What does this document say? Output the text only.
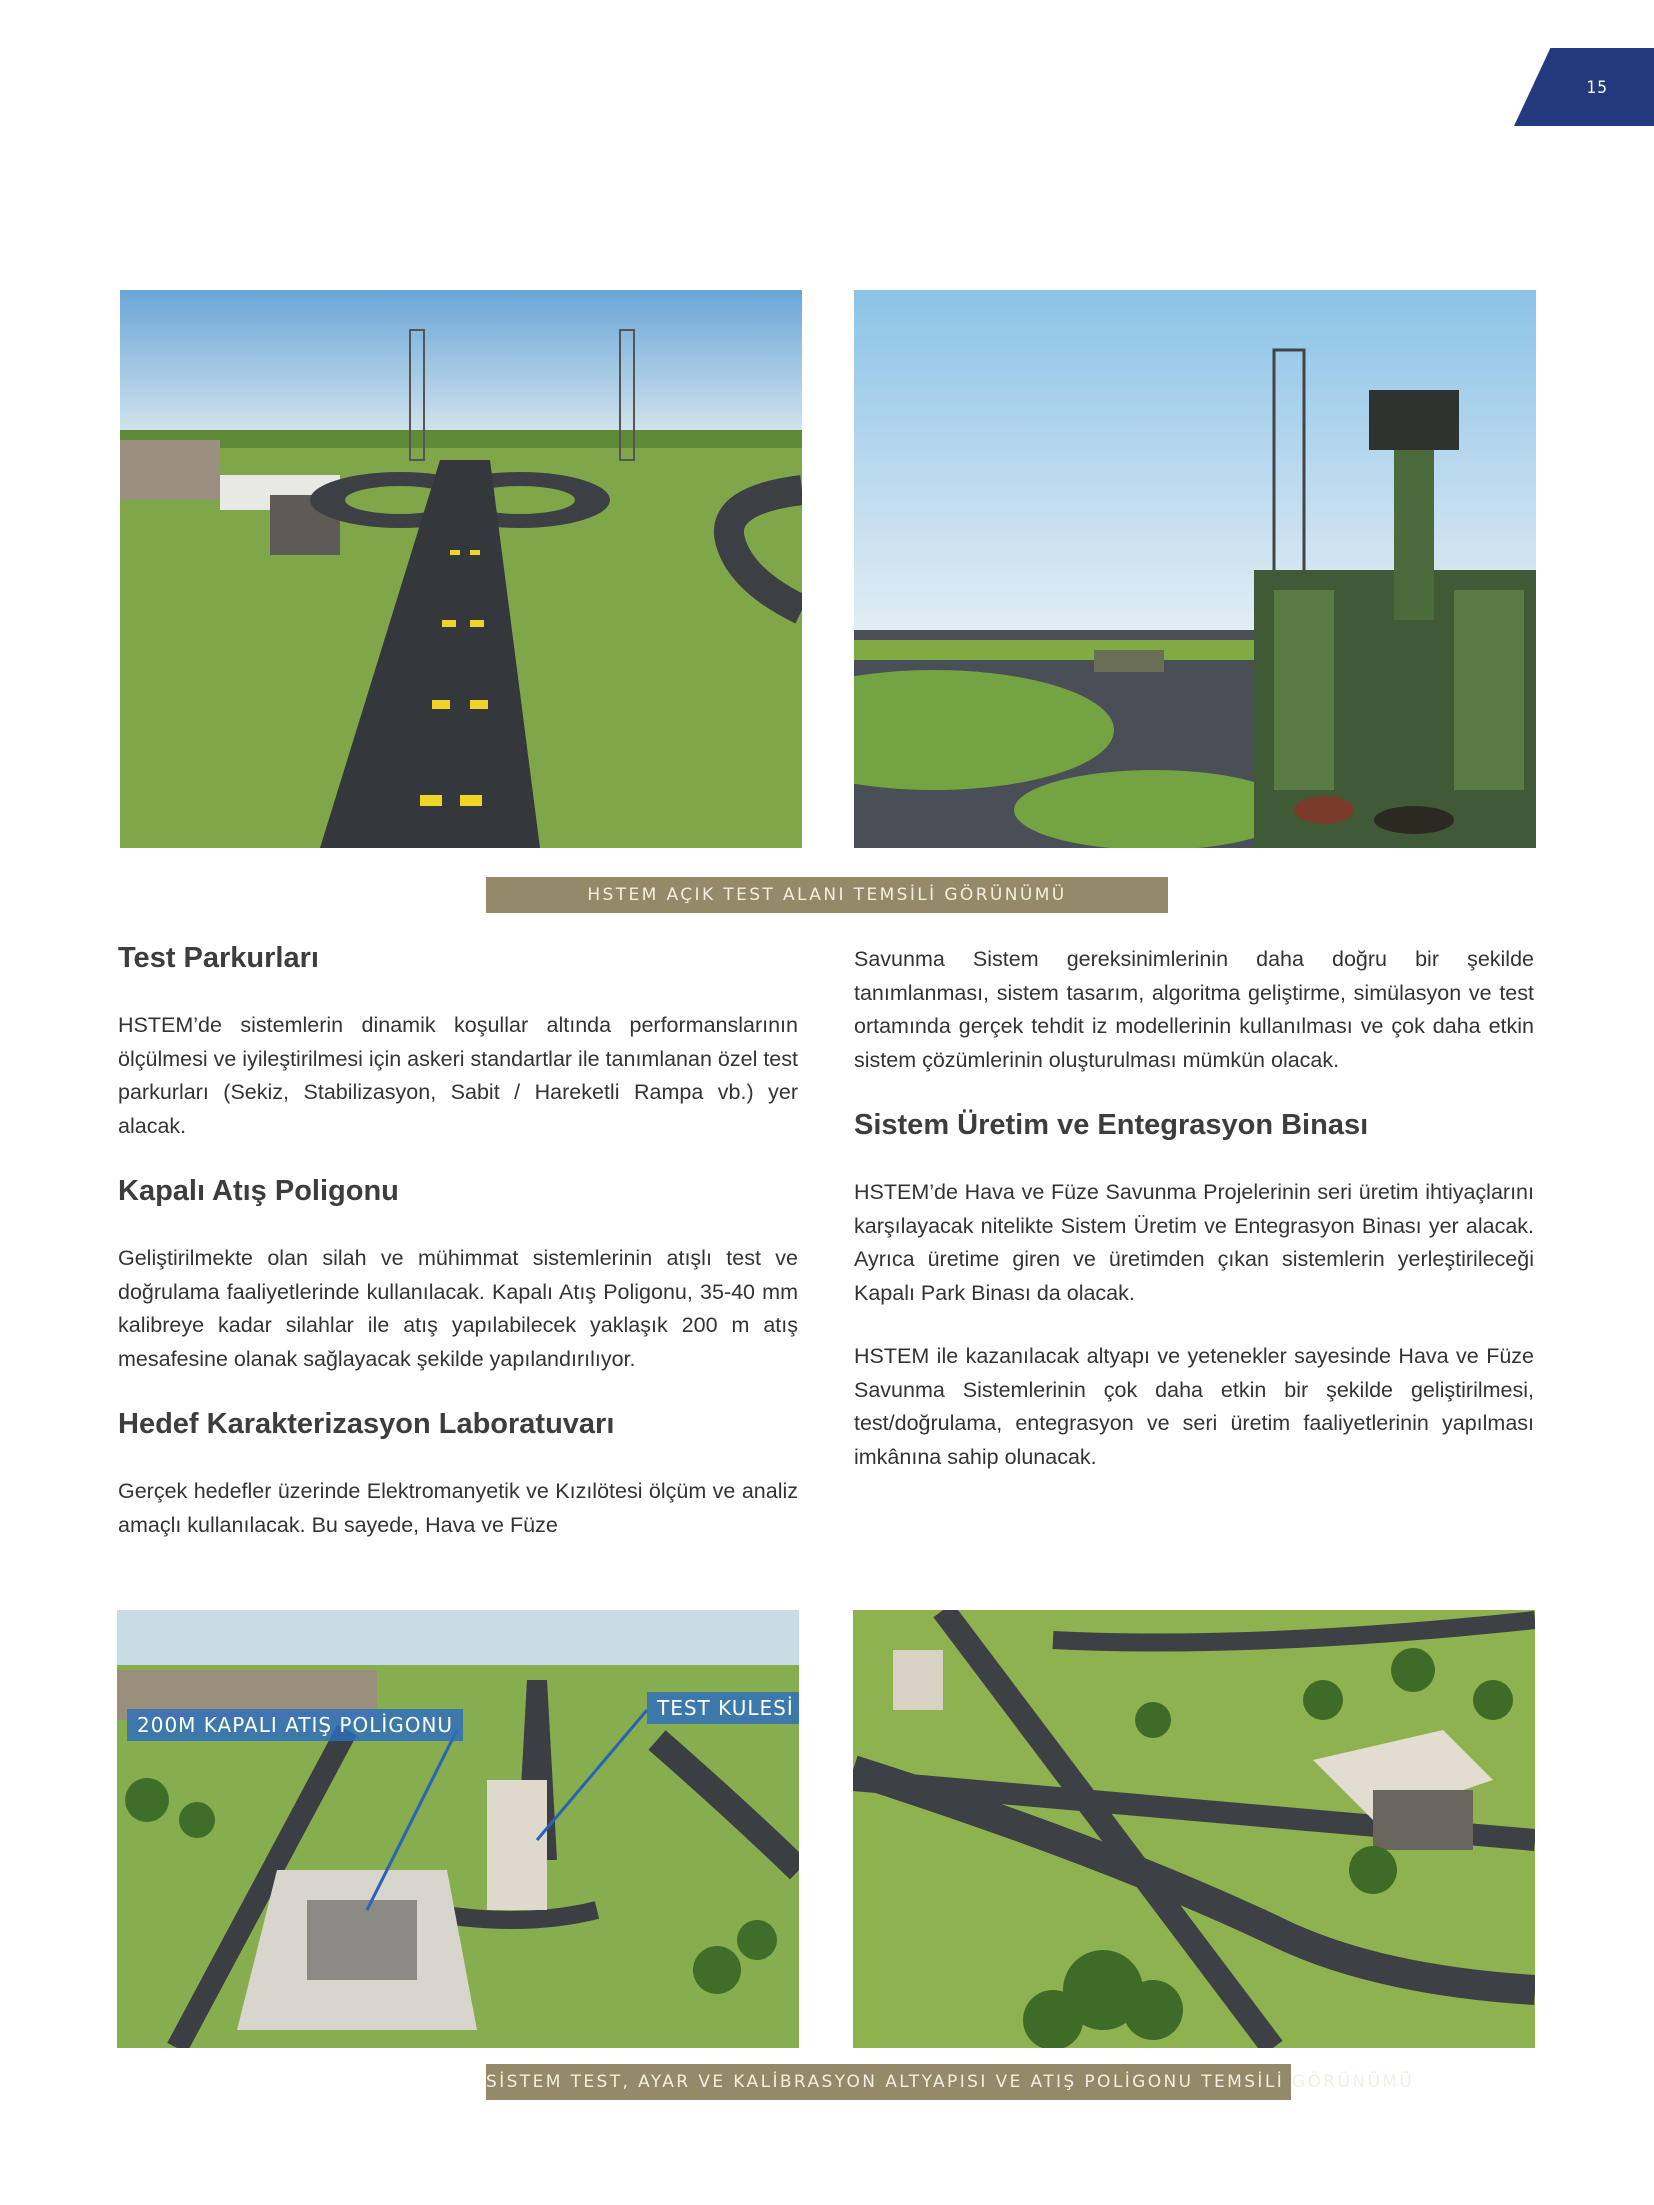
15
HSTEM AÇIK TEST ALANI TEMSİLİ GÖRÜNÜMÜ
Test Parkurları

HSTEM’de sistemlerin dinamik koşullar altında performanslarının ölçülmesi ve iyileştirilmesi için askeri standartlar ile tanımlanan özel test parkurları (Sekiz, Stabilizasyon, Sabit / Hareketli Rampa vb.) yer alacak.

Kapalı Atış Poligonu

Geliştirilmekte olan silah ve mühimmat sistemlerinin atışlı test ve doğrulama faaliyetlerinde kullanılacak. Kapalı Atış Poligonu, 35-40 mm kalibreye kadar silahlar ile atış yapılabilecek yaklaşık 200 m atış mesafesine olanak sağlayacak şekilde yapılandırılıyor.

Hedef Karakterizasyon Laboratuvarı

Gerçek hedefler üzerinde Elektromanyetik ve Kızılötesi ölçüm ve analiz amaçlı kullanılacak. Bu sayede, Hava ve Füze

Savunma Sistem gereksinimlerinin daha doğru bir şekilde tanımlanması, sistem tasarım, algoritma geliştirme, simülasyon ve test ortamında gerçek tehdit iz modellerinin kullanılması ve çok daha etkin sistem çözümlerinin oluşturulması mümkün olacak.

Sistem Üretim ve Entegrasyon Binası

HSTEM’de Hava ve Füze Savunma Projelerinin seri üretim ihtiyaçlarını karşılayacak nitelikte Sistem Üretim ve Entegrasyon Binası yer alacak. Ayrıca üretime giren ve üretimden çıkan sistemlerin yerleştirileceği Kapalı Park Binası da olacak.

HSTEM ile kazanılacak altyapı ve yetenekler sayesinde Hava ve Füze Savunma Sistemlerinin çok daha etkin bir şekilde geliştirilmesi, test/doğrulama, entegrasyon ve seri üretim faaliyetlerinin yapılması imkânına sahip olunacak.

200M KAPALI ATIŞ POLİGONU
TEST KULESİ
SİSTEM TEST, AYAR VE KALİBRASYON ALTYAPISI VE ATIŞ POLİGONU TEMSİLİ GÖRÜNÜMÜ
